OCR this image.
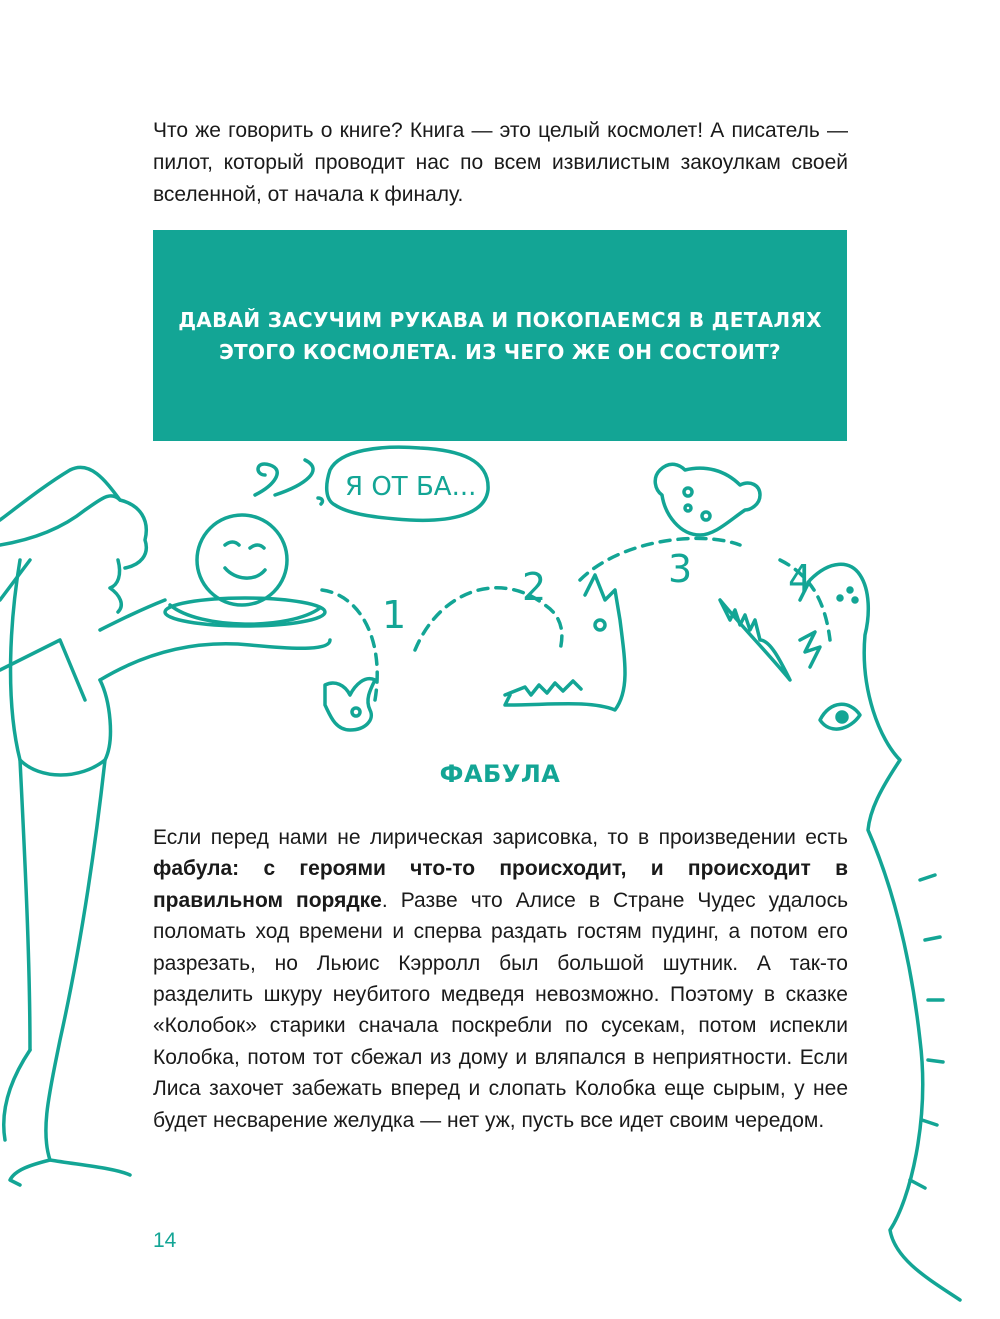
Я ОТ БА...
1
2	3	4

Что же говорить о книге? Книга — это целый космолет! А писатель — пилот, который проводит нас по всем извилистым закоулкам своей вселенной, от начала к финалу.

ДАВАЙ ЗАСУЧИМ РУКАВА И ПОКОПАЕМСЯ В ДЕТАЛЯХ
ЭТОГО КОСМОЛЕТА. ИЗ ЧЕГО ЖЕ ОН СОСТОИТ?

ФАБУЛА

Если перед нами не лирическая зарисовка, то в произведении есть фабула: с героями что-то происходит, и происходит в правильном порядке. Разве что Алисе в Стране Чудес удалось поломать ход времени и сперва раздать гостям пудинг, а потом его разрезать, но Льюис Кэрролл был большой шутник. А так-то разделить шкуру неубитого медведя невозможно. Поэтому в сказке «Колобок» старики сначала поскребли по сусекам, потом испекли Колобка, потом тот сбежал из дому и вляпался в неприятности. Если Лиса захочет забежать вперед и слопать Колобка еще сырым, у нее будет несварение желудка — нет уж, пусть все идет своим чередом.

14
